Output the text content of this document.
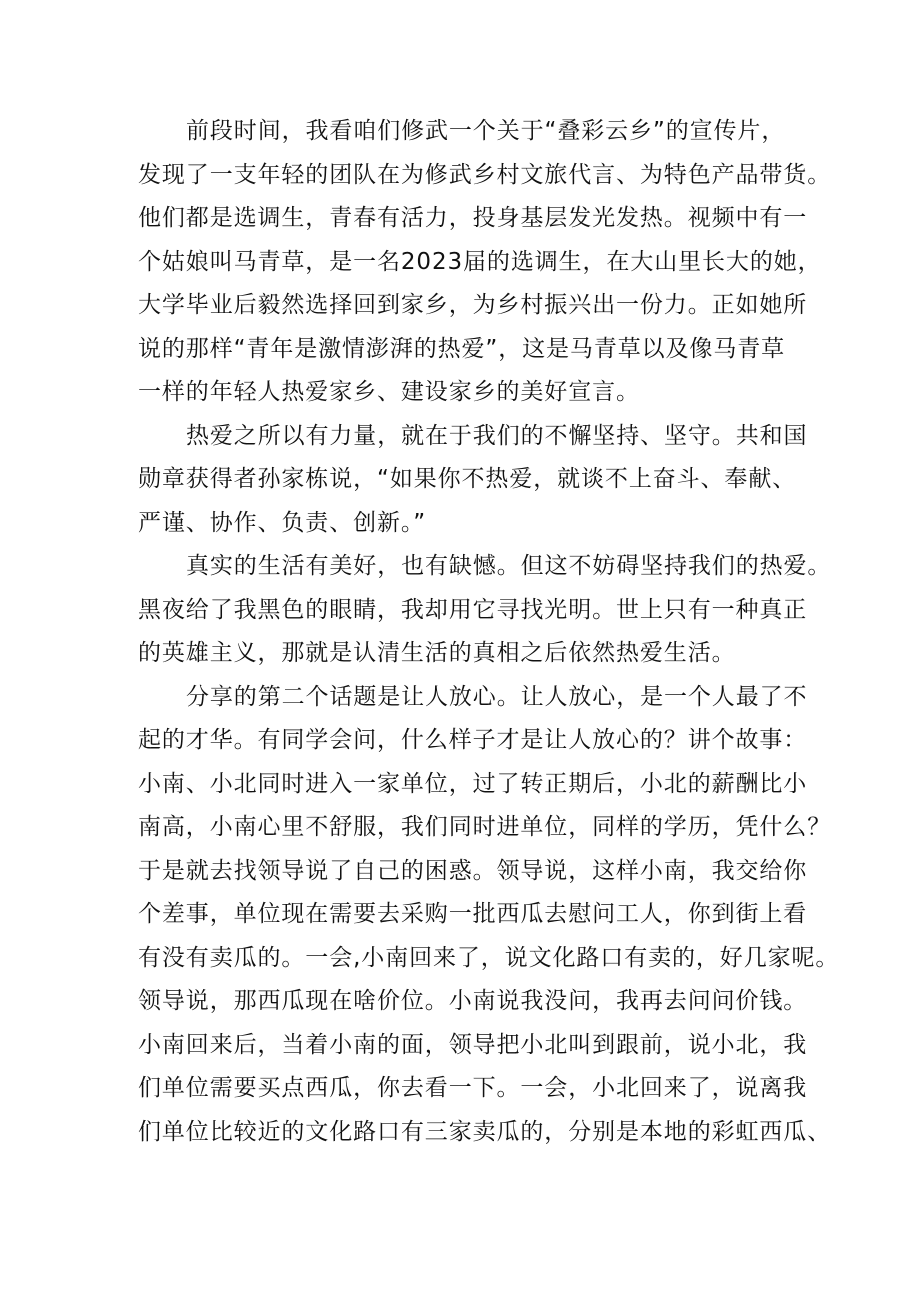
前段时间，我看咱们修武一个关于“叠彩云乡”的宣传片，
发现了一支年轻的团队在为修武乡村文旅代言、为特色产品带货。
他们都是选调生，青春有活力，投身基层发光发热。视频中有一
个姑娘叫马青草，是一名2023届的选调生，在大山里长大的她，
大学毕业后毅然选择回到家乡，为乡村振兴出一份力。正如她所
说的那样“青年是激情澎湃的热爱”，这是马青草以及像马青草
一样的年轻人热爱家乡、建设家乡的美好宣言。
热爱之所以有力量，就在于我们的不懈坚持、坚守。共和国
勋章获得者孙家栋说，“如果你不热爱，就谈不上奋斗、奉献、
严谨、协作、负责、创新。”
真实的生活有美好，也有缺憾。但这不妨碍坚持我们的热爱。
黑夜给了我黑色的眼睛，我却用它寻找光明。世上只有一种真正
的英雄主义，那就是认清生活的真相之后依然热爱生活。
分享的第二个话题是让人放心。让人放心，是一个人最了不
起的才华。有同学会问，什么样子才是让人放心的？讲个故事：
小南、小北同时进入一家单位，过了转正期后，小北的薪酬比小
南高，小南心里不舒服，我们同时进单位，同样的学历，凭什么？
于是就去找领导说了自己的困惑。领导说，这样小南，我交给你
个差事，单位现在需要去采购一批西瓜去慰问工人，你到街上看
有没有卖瓜的。一会,小南回来了，说文化路口有卖的，好几家呢。
领导说，那西瓜现在啥价位。小南说我没问，我再去问问价钱。
小南回来后，当着小南的面，领导把小北叫到跟前，说小北，我
们单位需要买点西瓜，你去看一下。一会，小北回来了，说离我
们单位比较近的文化路口有三家卖瓜的，分别是本地的彩虹西瓜、
